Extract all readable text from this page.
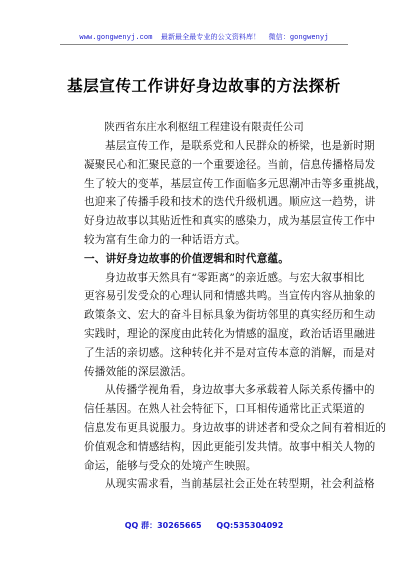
www.gongwenyj.com 最新最全最专业的公文资料库！ 微信：gongwenyj
基层宣传工作讲好身边故事的方法探析
陕西省东庄水利枢纽工程建设有限责任公司
基层宣传工作，是联系党和人民群众的桥梁，也是新时期
凝聚民心和汇聚民意的一个重要途径。当前，信息传播格局发
生了较大的变革，基层宣传工作面临多元思潮冲击等多重挑战，
也迎来了传播手段和技术的迭代升级机遇。顺应这一趋势，讲
好身边故事以其贴近性和真实的感染力，成为基层宣传工作中
较为富有生命力的一种话语方式。
一、讲好身边故事的价值逻辑和时代意蕴。
身边故事天然具有“零距离”的亲近感。与宏大叙事相比
更容易引发受众的心理认同和情感共鸣。当宣传内容从抽象的
政策条文、宏大的奋斗目标具象为街坊邻里的真实经历和生动
实践时，理论的深度由此转化为情感的温度，政治话语里融进
了生活的亲切感。这种转化并不是对宣传本意的消解，而是对
传播效能的深层激活。
从传播学视角看，身边故事大多承载着人际关系传播中的
信任基因。在熟人社会特征下，口耳相传通常比正式渠道的
信息发布更具说服力。身边故事的讲述者和受众之间有着相近的
价值观念和情感结构，因此更能引发共情。故事中相关人物的
命运，能够与受众的处境产生映照。
从现实需求看，当前基层社会正处在转型期，社会利益格
QQ 群：30265665 QQ:535304092
